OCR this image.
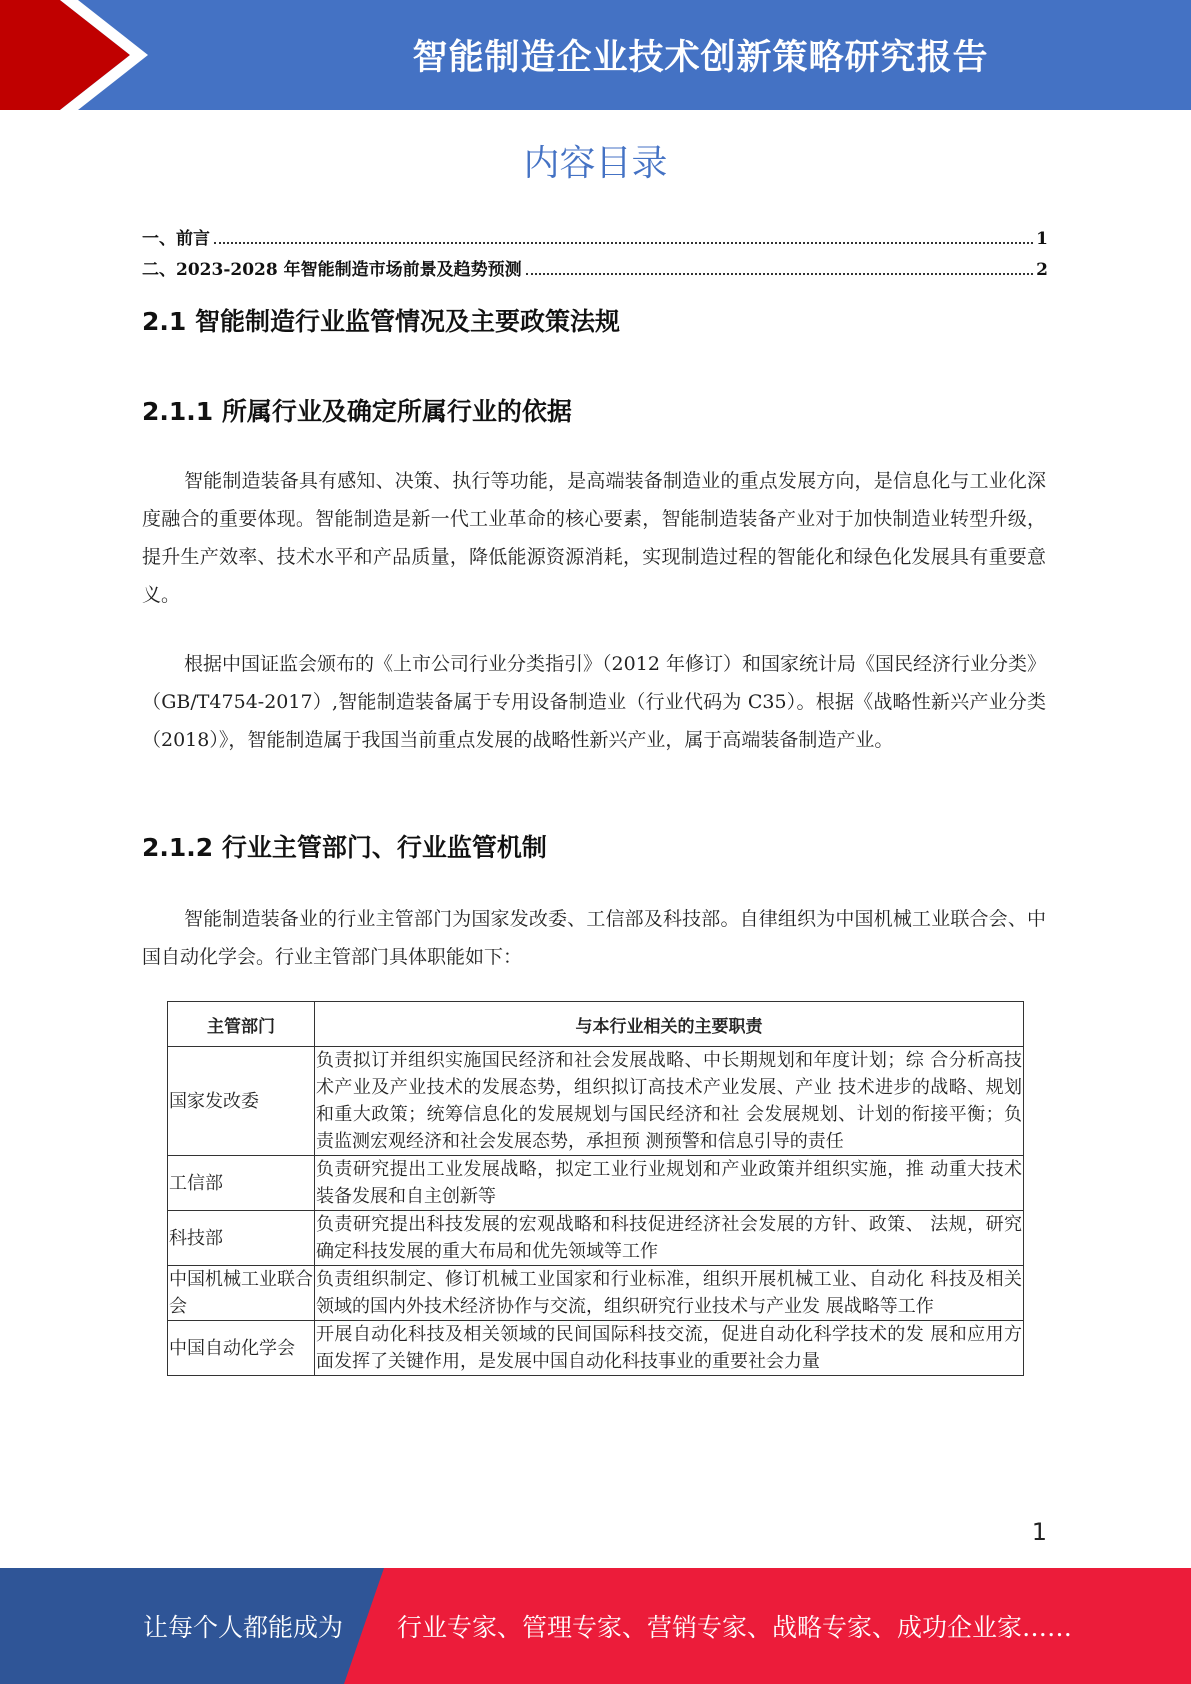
智能制造企业技术创新策略研究报告
内容目录
一、前言	1
二、2023-2028 年智能制造市场前景及趋势预测	2
2.1 智能制造行业监管情况及主要政策法规
2.1.1 所属行业及确定所属行业的依据

智能制造装备具有感知、决策、执行等功能，是高端装备制造业的重点发展方向，是信息化与工业化深度融合的重要体现。智能制造是新一代工业革命的核心要素，智能制造装备产业对于加快制造业转型升级，提升生产效率、技术水平和产品质量，降低能源资源消耗，实现制造过程的智能化和绿色化发展具有重要意义。

根据中国证监会颁布的《上市公司行业分类指引》（2012 年修订）和国家统计局《国民经济行业分类》（GB/T4754-2017）,智能制造装备属于专用设备制造业（行业代码为 C35）。根据《战略性新兴产业分类（2018）》，智能制造属于我国当前重点发展的战略性新兴产业，属于高端装备制造产业。

2.1.2 行业主管部门、行业监管机制

智能制造装备业的行业主管部门为国家发改委、工信部及科技部。自律组织为中国机械工业联合会、中国自动化学会。行业主管部门具体职能如下：

主管部门	与本行业相关的主要职责
国家发改委	负责拟订并组织实施国民经济和社会发展战略、中长期规划和年度计划；综 合分析高技术产业及产业技术的发展态势，组织拟订高技术产业发展、产业 技术进步的战略、规划和重大政策；统筹信息化的发展规划与国民经济和社 会发展规划、计划的衔接平衡；负责监测宏观经济和社会发展态势，承担预 测预警和信息引导的责任
工信部	负责研究提出工业发展战略，拟定工业行业规划和产业政策并组织实施，推 动重大技术装备发展和自主创新等
科技部	负责研究提出科技发展的宏观战略和科技促进经济社会发展的方针、政策、 法规，研究确定科技发展的重大布局和优先领域等工作
中国机械工业联合会	负责组织制定、修订机械工业国家和行业标准，组织开展机械工业、自动化 科技及相关领域的国内外技术经济协作与交流，组织研究行业技术与产业发 展战略等工作
中国自动化学会	开展自动化科技及相关领域的民间国际科技交流，促进自动化科学技术的发 展和应用方面发挥了关键作用，是发展中国自动化科技事业的重要社会力量
1
让每个人都能成为 行业专家、管理专家、营销专家、战略专家、成功企业家……
